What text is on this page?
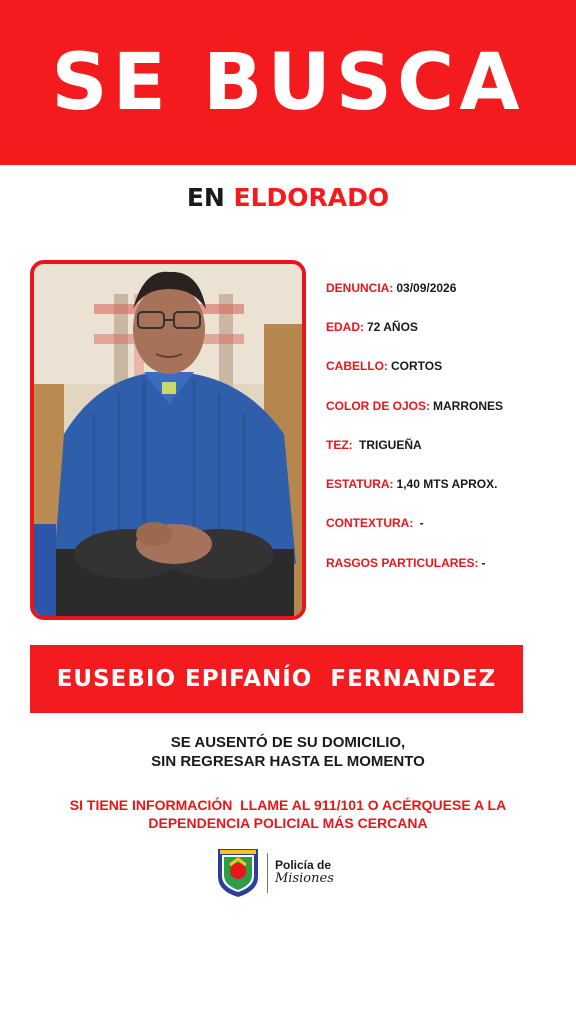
SE BUSCA
EN ELDORADO
DENUNCIA: 03/09/2026
EDAD: 72 AÑOS
CABELLO: CORTOS
COLOR DE OJOS: MARRONES
TEZ: TRIGUEÑA
ESTATURA: 1,40 MTS APROX.
CONTEXTURA: -
RASGOS PARTICULARES: -
EUSEBIO EPIFANÍO  FERNANDEZ
SE AUSENTÓ DE SU DOMICILIO,
SIN REGRESAR HASTA EL MOMENTO
SI TIENE INFORMACIÓN  LLAME AL 911/101 O ACÉRQUESE A LA
DEPENDENCIA POLICIAL MÁS CERCANA
Policía de
Misiones
